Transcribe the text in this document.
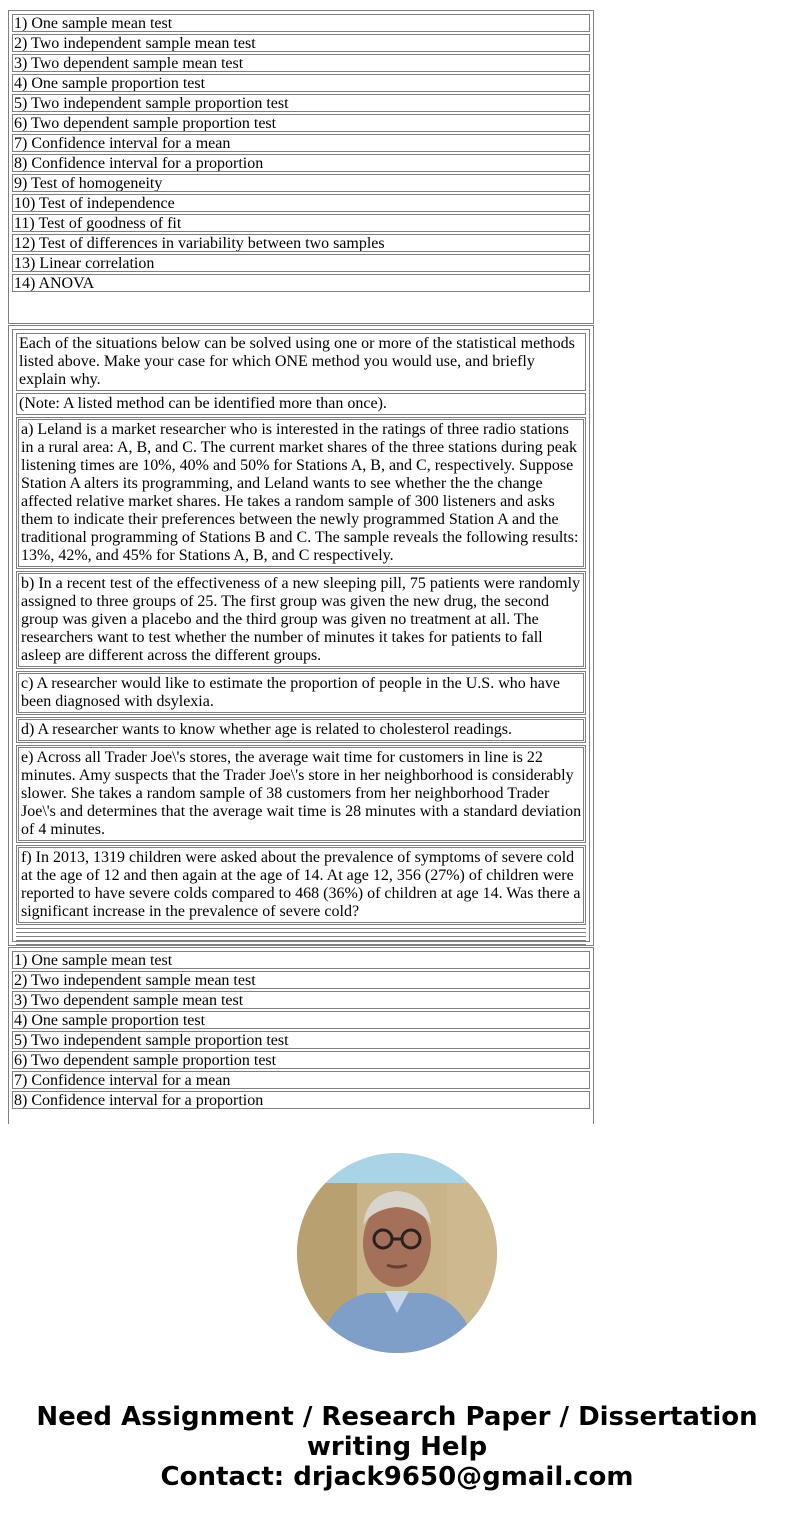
1) One sample mean test
2) Two independent sample mean test
3) Two dependent sample mean test
4) One sample proportion test
5) Two independent sample proportion test
6) Two dependent sample proportion test
7) Confidence interval for a mean
8) Confidence interval for a proportion
9) Test of homogeneity
10) Test of independence
11) Test of goodness of fit
12) Test of differences in variability between two samples
13) Linear correlation
14) ANOVA
Each of the situations below can be solved using one or more of the statistical methods listed above. Make your case for which ONE method you would use, and briefly explain why.
(Note: A listed method can be identified more than once).
a) Leland is a market researcher who is interested in the ratings of three radio stations in a rural area: A, B, and C. The current market shares of the three stations during peak listening times are 10%, 40% and 50% for Stations A, B, and C, respectively. Suppose Station A alters its programming, and Leland wants to see whether the the change affected relative market shares. He takes a random sample of 300 listeners and asks them to indicate their preferences between the newly programmed Station A and the traditional programming of Stations B and C. The sample reveals the following results: 13%, 42%, and 45% for Stations A, B, and C respectively.
b) In a recent test of the effectiveness of a new sleeping pill, 75 patients were randomly assigned to three groups of 25. The first group was given the new drug, the second group was given a placebo and the third group was given no treatment at all. The researchers want to test whether the number of minutes it takes for patients to fall asleep are different across the different groups.
c) A researcher would like to estimate the proportion of people in the U.S. who have been diagnosed with dsylexia.
d) A researcher wants to know whether age is related to cholesterol readings.
e) Across all Trader Joe\'s stores, the average wait time for customers in line is 22 minutes. Amy suspects that the Trader Joe\'s store in her neighborhood is considerably slower. She takes a random sample of 38 customers from her neighborhood Trader Joe\'s and determines that the average wait time is 28 minutes with a standard deviation of 4 minutes.
f) In 2013, 1319 children were asked about the prevalence of symptoms of severe cold at the age of 12 and then again at the age of 14. At age 12, 356 (27%) of children were reported to have severe colds compared to 468 (36%) of children at age 14. Was there a significant increase in the prevalence of severe cold?
1) One sample mean test
2) Two independent sample mean test
3) Two dependent sample mean test
4) One sample proportion test
5) Two independent sample proportion test
6) Two dependent sample proportion test
7) Confidence interval for a mean
8) Confidence interval for a proportion
Need Assignment / Research Paper / Dissertation
writing Help
Contact: drjack9650@gmail.com
